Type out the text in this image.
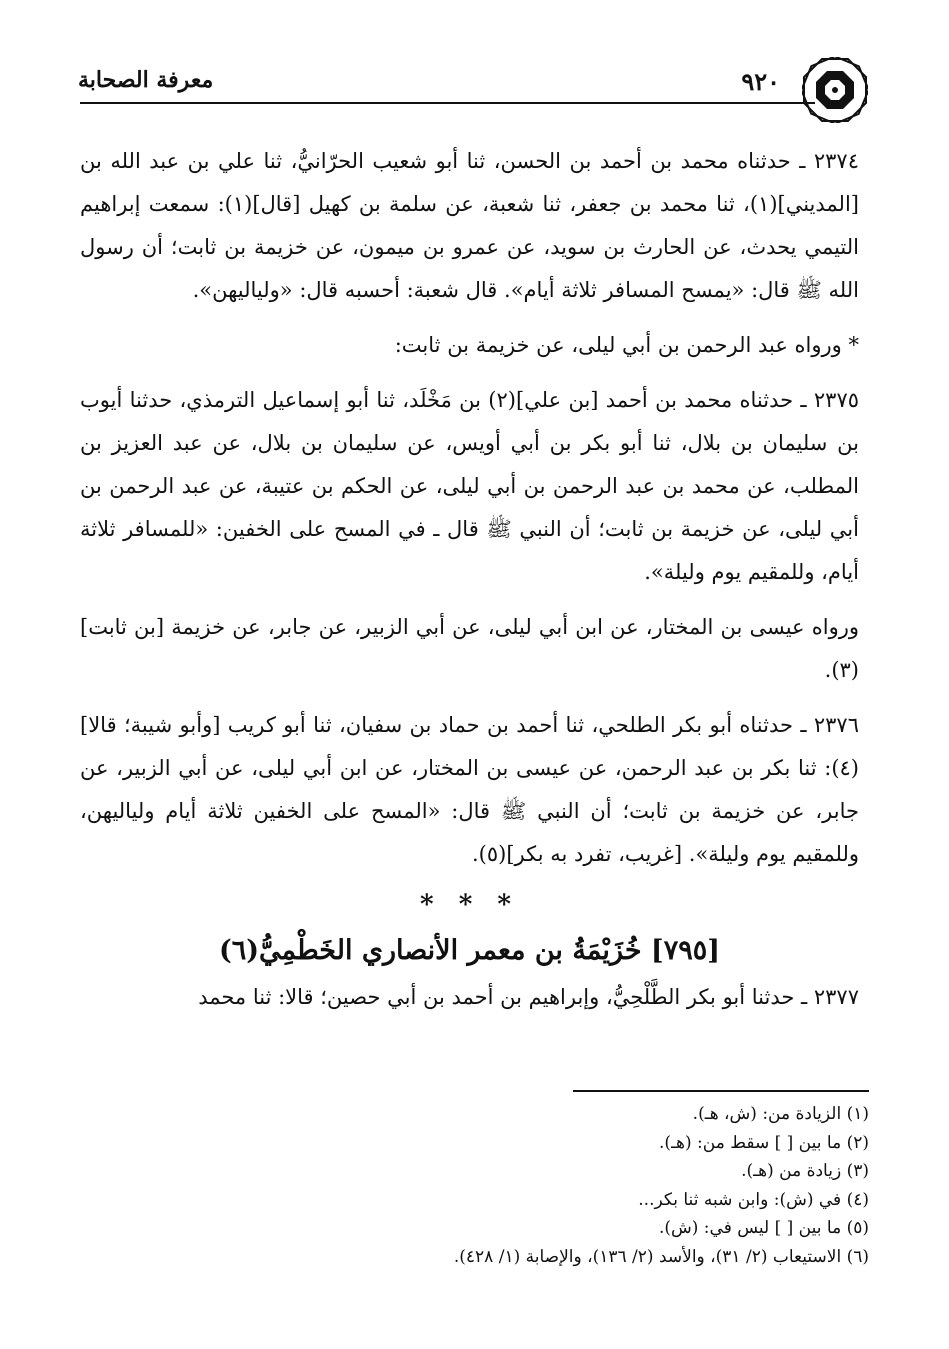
٩٢٠
معرفة الصحابة

٢٣٧٤ ـ حدثناه محمد بن أحمد بن الحسن، ثنا أبو شعيب الحرّانيُّ، ثنا علي بن عبد الله بن [المديني](١)، ثنا محمد بن جعفر، ثنا شعبة، عن سلمة بن كهيل [قال](١): سمعت إبراهيم التيمي يحدث، عن الحارث بن سويد، عن عمرو بن ميمون، عن خزيمة بن ثابت؛ أن رسول الله ﷺ قال: «يمسح المسافر ثلاثة أيام». قال شعبة: أحسبه قال: «ولياليهن».

* ورواه عبد الرحمن بن أبي ليلى، عن خزيمة بن ثابت:

٢٣٧٥ ـ حدثناه محمد بن أحمد [بن علي](٢) بن مَخْلَد، ثنا أبو إسماعيل الترمذي، حدثنا أيوب بن سليمان بن بلال، ثنا أبو بكر بن أبي أويس، عن سليمان بن بلال، عن عبد العزيز بن المطلب، عن محمد بن عبد الرحمن بن أبي ليلى، عن الحكم بن عتيبة، عن عبد الرحمن بن أبي ليلى، عن خزيمة بن ثابت؛ أن النبي ﷺ قال ـ في المسح على الخفين: «للمسافر ثلاثة أيام، وللمقيم يوم وليلة».

ورواه عيسى بن المختار، عن ابن أبي ليلى، عن أبي الزبير، عن جابر، عن خزيمة [بن ثابت](٣).

٢٣٧٦ ـ حدثناه أبو بكر الطلحي، ثنا أحمد بن حماد بن سفيان، ثنا أبو كريب [وأبو شيبة؛ قالا](٤): ثنا بكر بن عبد الرحمن، عن عيسى بن المختار، عن ابن أبي ليلى، عن أبي الزبير، عن جابر، عن خزيمة بن ثابت؛ أن النبي ﷺ قال: «المسح على الخفين ثلاثة أيام ولياليهن، وللمقيم يوم وليلة». [غريب، تفرد به بكر](٥).

* * *
[٧٩٥] خُزَيْمَةُ بن معمر الأنصاري الخَطْمِيُّ(٦)

٢٣٧٧ ـ حدثنا أبو بكر الطَّلْحِيُّ، وإبراهيم بن أحمد بن أبي حصين؛ قالا: ثنا محمد

(١) الزيادة من: (ش، هـ).
(٢) ما بين [ ] سقط من: (هـ).
(٣) زيادة من (هـ).
(٤) في (ش): وابن شبه ثنا بكر...
(٥) ما بين [ ] ليس في: (ش).
(٦) الاستيعاب (٢/ ٣١)، والأسد (٢/ ١٣٦)، والإصابة (١/ ٤٢٨).
